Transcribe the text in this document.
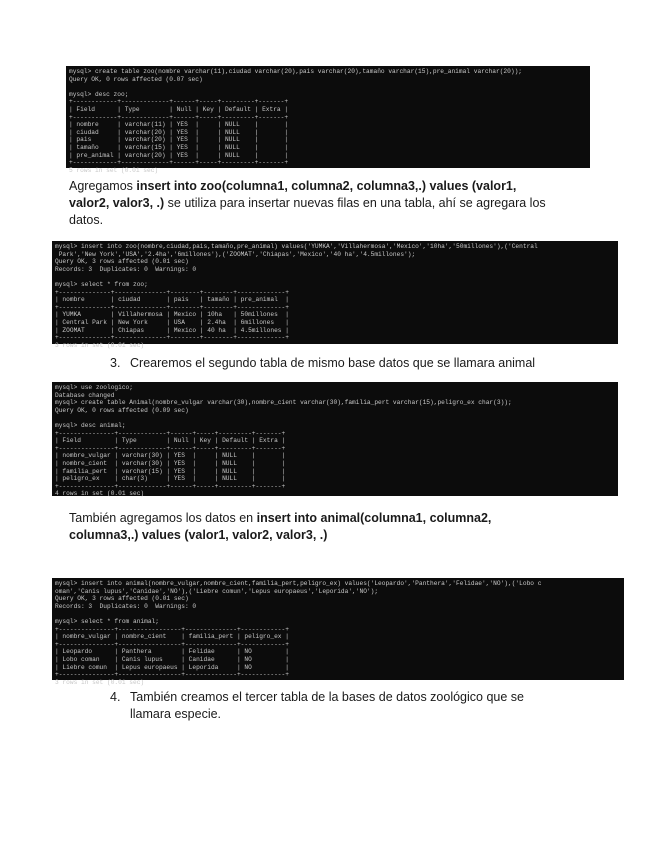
mysql> create table zoo(nombre varchar(11),ciudad varchar(20),pais varchar(20),tamaño varchar(15),pre_animal varchar(20));
Query OK, 0 rows affected (0.07 sec)
mysql> desc zoo;
+------------+-------------+------+-----+---------+-------+
| Field      | Type        | Null | Key | Default | Extra |
+------------+-------------+------+-----+---------+-------+
| nombre     | varchar(11) | YES  |     | NULL    |       |
| ciudad     | varchar(20) | YES  |     | NULL    |       |
| pais       | varchar(20) | YES  |     | NULL    |       |
| tamaño     | varchar(15) | YES  |     | NULL    |       |
| pre_animal | varchar(20) | YES  |     | NULL    |       |
+------------+-------------+------+-----+---------+-------+
5 rows in set (0.01 sec)
Agregamos insert into zoo(columna1, columna2, columna3,.) values (valor1,
valor2, valor3, .) se utiliza para insertar nuevas filas en una tabla, ahí se agregara los
datos.
mysql> insert into zoo(nombre,ciudad,pais,tamaño,pre_animal) values('YUMKA','Villahermosa','Mexico','10ha','50millones'),('Central
Park','New York','USA','2.4ha','6millones'),('ZOOMAT','Chiapas','Mexico','40 ha','4.5millones');
Query OK, 3 rows affected (0.01 sec)
Records: 3  Duplicates: 0  Warnings: 0
mysql> select * from zoo;
+--------------+--------------+--------+--------+-------------+
| nombre       | ciudad       | pais   | tamaño | pre_animal  |
+--------------+--------------+--------+--------+-------------+
| YUMKA        | Villahermosa | Mexico | 10ha   | 50millones  |
| Central Park | New York     | USA    | 2.4ha  | 6millones   |
| ZOOMAT       | Chiapas      | Mexico | 40 ha  | 4.5millones |
+--------------+--------------+--------+--------+-------------+
3 rows in set (0.01 sec)
3. Crearemos el segundo tabla de mismo base datos que se llamara animal
mysql> use zoologico;
Database changed
mysql> create table Animal(nombre_vulgar varchar(30),nombre_cient varchar(30),familia_pert varchar(15),peligro_ex char(3));
Query OK, 0 rows affected (0.09 sec)
mysql> desc animal;
+---------------+-------------+------+-----+---------+-------+
| Field         | Type        | Null | Key | Default | Extra |
+---------------+-------------+------+-----+---------+-------+
| nombre_vulgar | varchar(30) | YES  |     | NULL    |       |
| nombre_cient  | varchar(30) | YES  |     | NULL    |       |
| familia_pert  | varchar(15) | YES  |     | NULL    |       |
| peligro_ex    | char(3)     | YES  |     | NULL    |       |
+---------------+-------------+------+-----+---------+-------+
4 rows in set (0.01 sec)
También agregamos los datos en insert into animal(columna1, columna2,
columna3,.) values (valor1, valor2, valor3, .)
mysql> insert into animal(nombre_vulgar,nombre_cient,familia_pert,peligro_ex) values('Leopardo','Panthera','Felidae','NO'),('Lobo c
oman','Canis lupus','Canidae','NO'),('Liebre comun','Lepus europaeus','Leporida','NO');
Query OK, 3 rows affected (0.01 sec)
Records: 3  Duplicates: 0  Warnings: 0
mysql> select * from animal;
+---------------+-----------------+--------------+------------+
| nombre_vulgar | nombre_cient    | familia_pert | peligro_ex |
+---------------+-----------------+--------------+------------+
| Leopardo      | Panthera        | Felidae      | NO         |
| Lobo coman    | Canis lupus     | Canidae      | NO         |
| Liebre comun  | Lepus europaeus | Leporida     | NO         |
+---------------+-----------------+--------------+------------+
3 rows in set (0.01 sec)
4. También creamos el tercer tabla de la bases de datos zoológico que se
llamara especie.
